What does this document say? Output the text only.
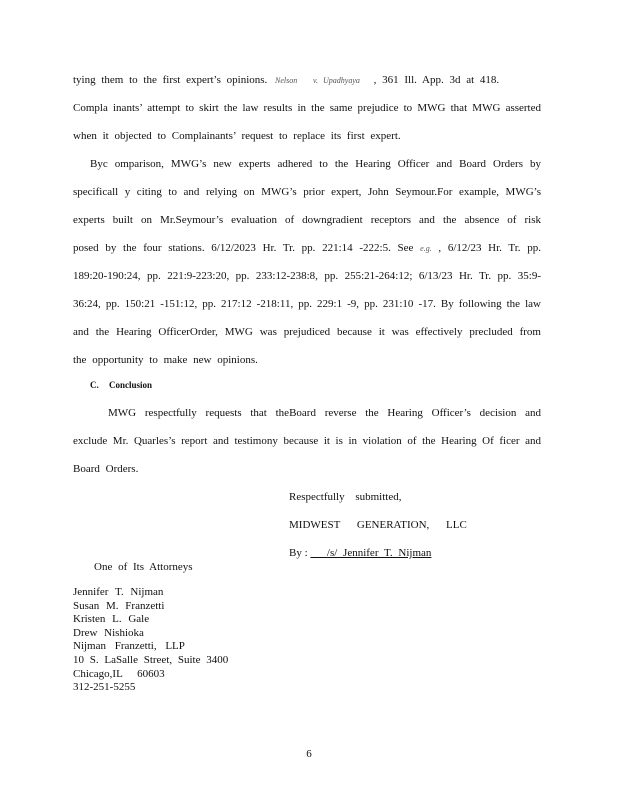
tying them to the first expert’s opinions. Nelson v. Upadhyaya , 361 Ill. App. 3d at 418.
Compla inants’ attempt to skirt the law results in the same prejudice to MWG that MWG asserted
when it objected to Complainants’ request to replace its first expert.
Byc omparison, MWG’s new experts adhered to the Hearing Officer and Board Orders by
specificall y citing to and relying on MWG’s prior expert, John Seymour.For example, MWG’s
experts built on Mr.Seymour’s evaluation of downgradient receptors and the absence of risk
posed by the four stations. 6/12/2023 Hr. Tr. pp. 221:14 -222:5. See e.g. , 6/12/23 Hr. Tr. pp.
189:20-190:24, pp. 221:9-223:20, pp. 233:12-238:8, pp. 255:21-264:12; 6/13/23 Hr. Tr. pp. 35:9-
36:24, pp. 150:21 -151:12, pp. 217:12 -218:11, pp. 229:1 -9, pp. 231:10 -17. By following the law
and the Hearing OfficerOrder, MWG was prejudiced because it was effectively precluded from
the opportunity to make new opinions.
C. Conclusion
MWG respectfully requests that theBoard reverse the Hearing Officer’s decision and
exclude Mr. Quarles’s report and testimony because it is in violation of the Hearing Of ficer and
Board Orders.
Respectfully submitted,
MIDWEST GENERATION, LLC
By : /s/ Jennifer T. Nijman
One of Its Attorneys
Jennifer T. Nijman
Susan M. Franzetti
Kristen L. Gale
Drew Nishioka
Nijman Franzetti, LLP
10 S. LaSalle Street, Suite 3400
Chicago,IL 60603
312-251-5255
6
